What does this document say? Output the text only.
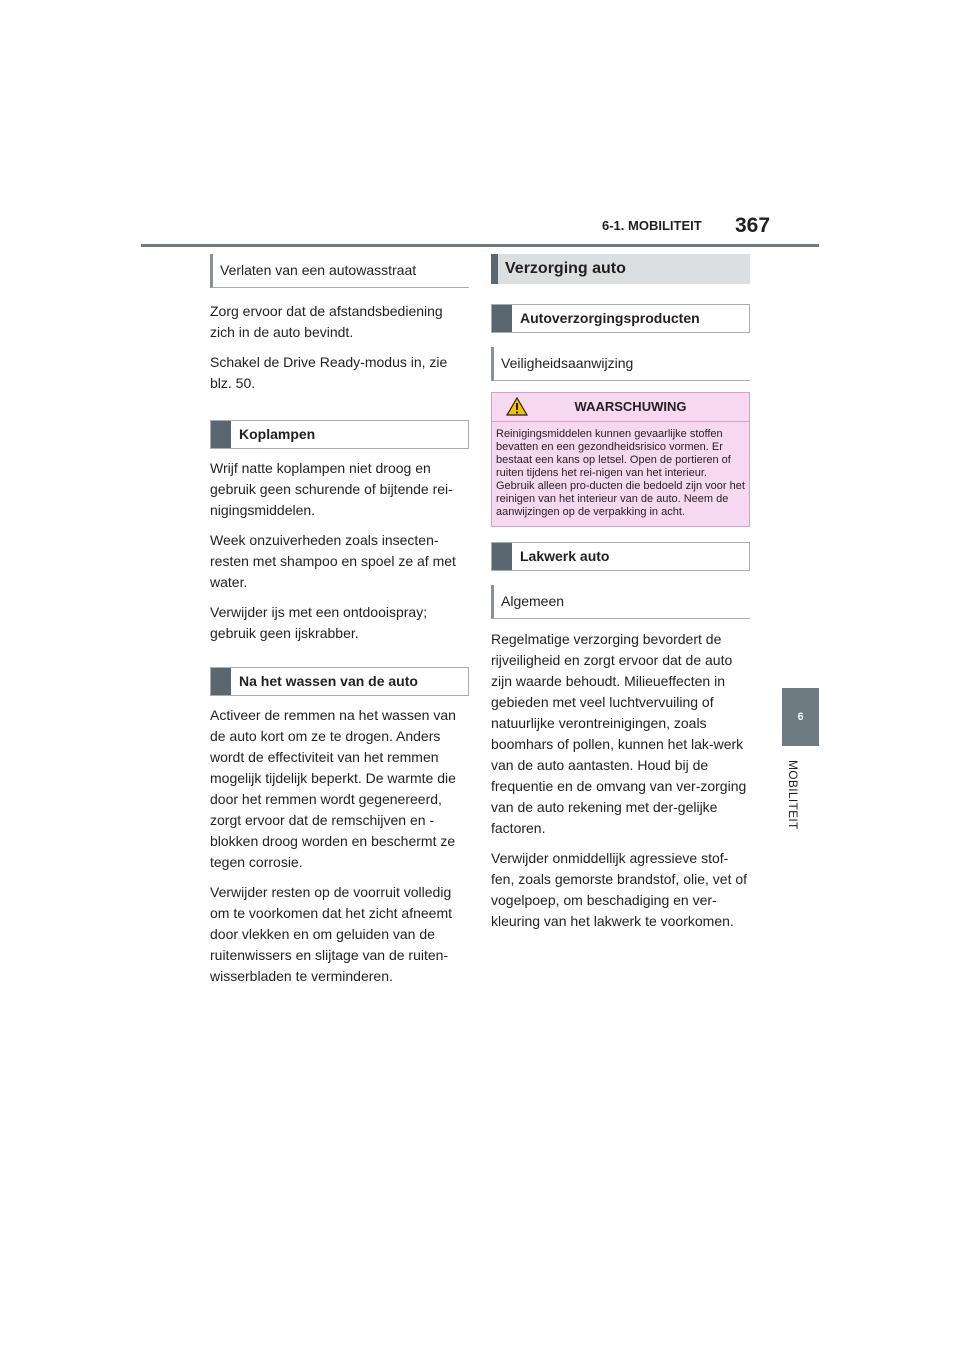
6-1. MOBILITEIT 367
6
MOBILITEIT
Verlaten van een autowasstraat

Zorg ervoor dat de afstandsbediening zich in de auto bevindt.

Schakel de Drive Ready-modus in, zie blz. 50.

Koplampen

Wrijf natte koplampen niet droog en gebruik geen schurende of bijtende rei-nigingsmiddelen.

Week onzuiverheden zoals insecten-resten met shampoo en spoel ze af met water.

Verwijder ijs met een ontdooispray; gebruik geen ijskrabber.

Na het wassen van de auto

Activeer de remmen na het wassen van de auto kort om ze te drogen. Anders wordt de effectiviteit van het remmen mogelijk tijdelijk beperkt. De warmte die door het remmen wordt gegenereerd, zorgt ervoor dat de remschijven en -blokken droog worden en beschermt ze tegen corrosie.

Verwijder resten op de voorruit volledig om te voorkomen dat het zicht afneemt door vlekken en om geluiden van de ruitenwissers en slijtage van de ruiten-wisserbladen te verminderen.

Verzorging auto
Autoverzorgingsproducten
Veiligheidsaanwijzing
WAARSCHUWING
Reinigingsmiddelen kunnen gevaarlijke stoffen bevatten en een gezondheidsrisico vormen. Er bestaat een kans op letsel. Open de portieren of ruiten tijdens het rei-nigen van het interieur. Gebruik alleen pro-ducten die bedoeld zijn voor het reinigen van het interieur van de auto. Neem de aanwijzingen op de verpakking in acht.
Lakwerk auto
Algemeen

Regelmatige verzorging bevordert de rijveiligheid en zorgt ervoor dat de auto zijn waarde behoudt. Milieueffecten in gebieden met veel luchtvervuiling of natuurlijke verontreinigingen, zoals boomhars of pollen, kunnen het lak-werk van de auto aantasten. Houd bij de frequentie en de omvang van ver-zorging van de auto rekening met der-gelijke factoren.

Verwijder onmiddellijk agressieve stof-fen, zoals gemorste brandstof, olie, vet of vogelpoep, om beschadiging en ver-kleuring van het lakwerk te voorkomen.
